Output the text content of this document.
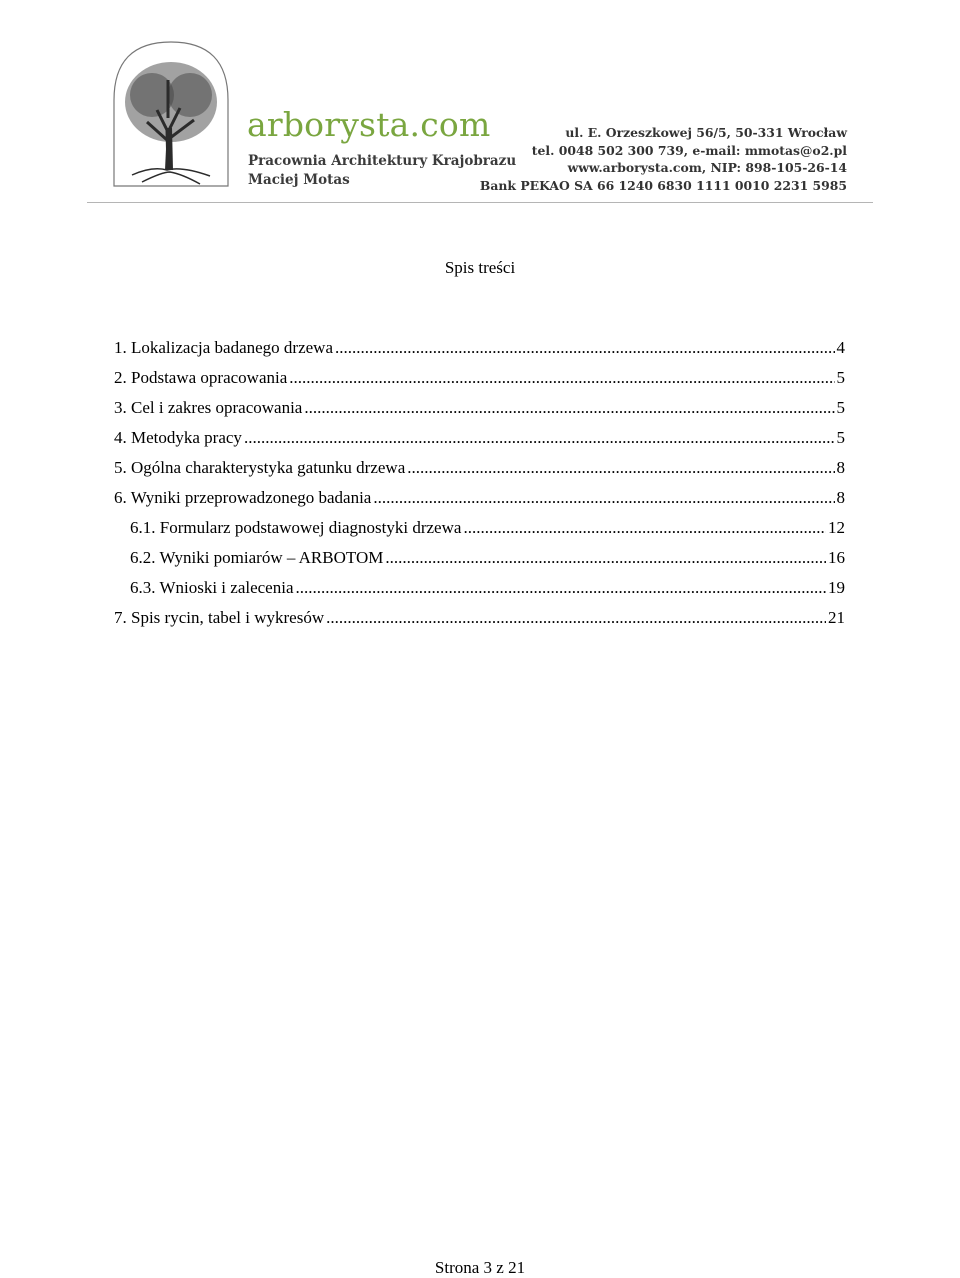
arborysta.com
Pracownia Architektury Krajobrazu
Maciej Motas
ul. E. Orzeszkowej 56/5, 50-331 Wrocław
tel. 0048 502 300 739, e-mail: mmotas@o2.pl
www.arborysta.com, NIP: 898-105-26-14
Bank PEKAO SA 66 1240 6830 1111 0010 2231 5985
Spis treści
1. Lokalizacja badanego drzewa .....	4
2. Podstawa opracowania .....	5
3. Cel i zakres opracowania .....	5
4. Metodyka pracy .....	5
5. Ogólna charakterystyka gatunku drzewa .....	8
6. Wyniki przeprowadzonego badania .....	8
6.1. Formularz podstawowej diagnostyki drzewa .....	12
6.2. Wyniki pomiarów – ARBOTOM .....	16
6.3. Wnioski i zalecenia .....	19
7. Spis rycin, tabel i wykresów .....	21
Strona 3 z 21
